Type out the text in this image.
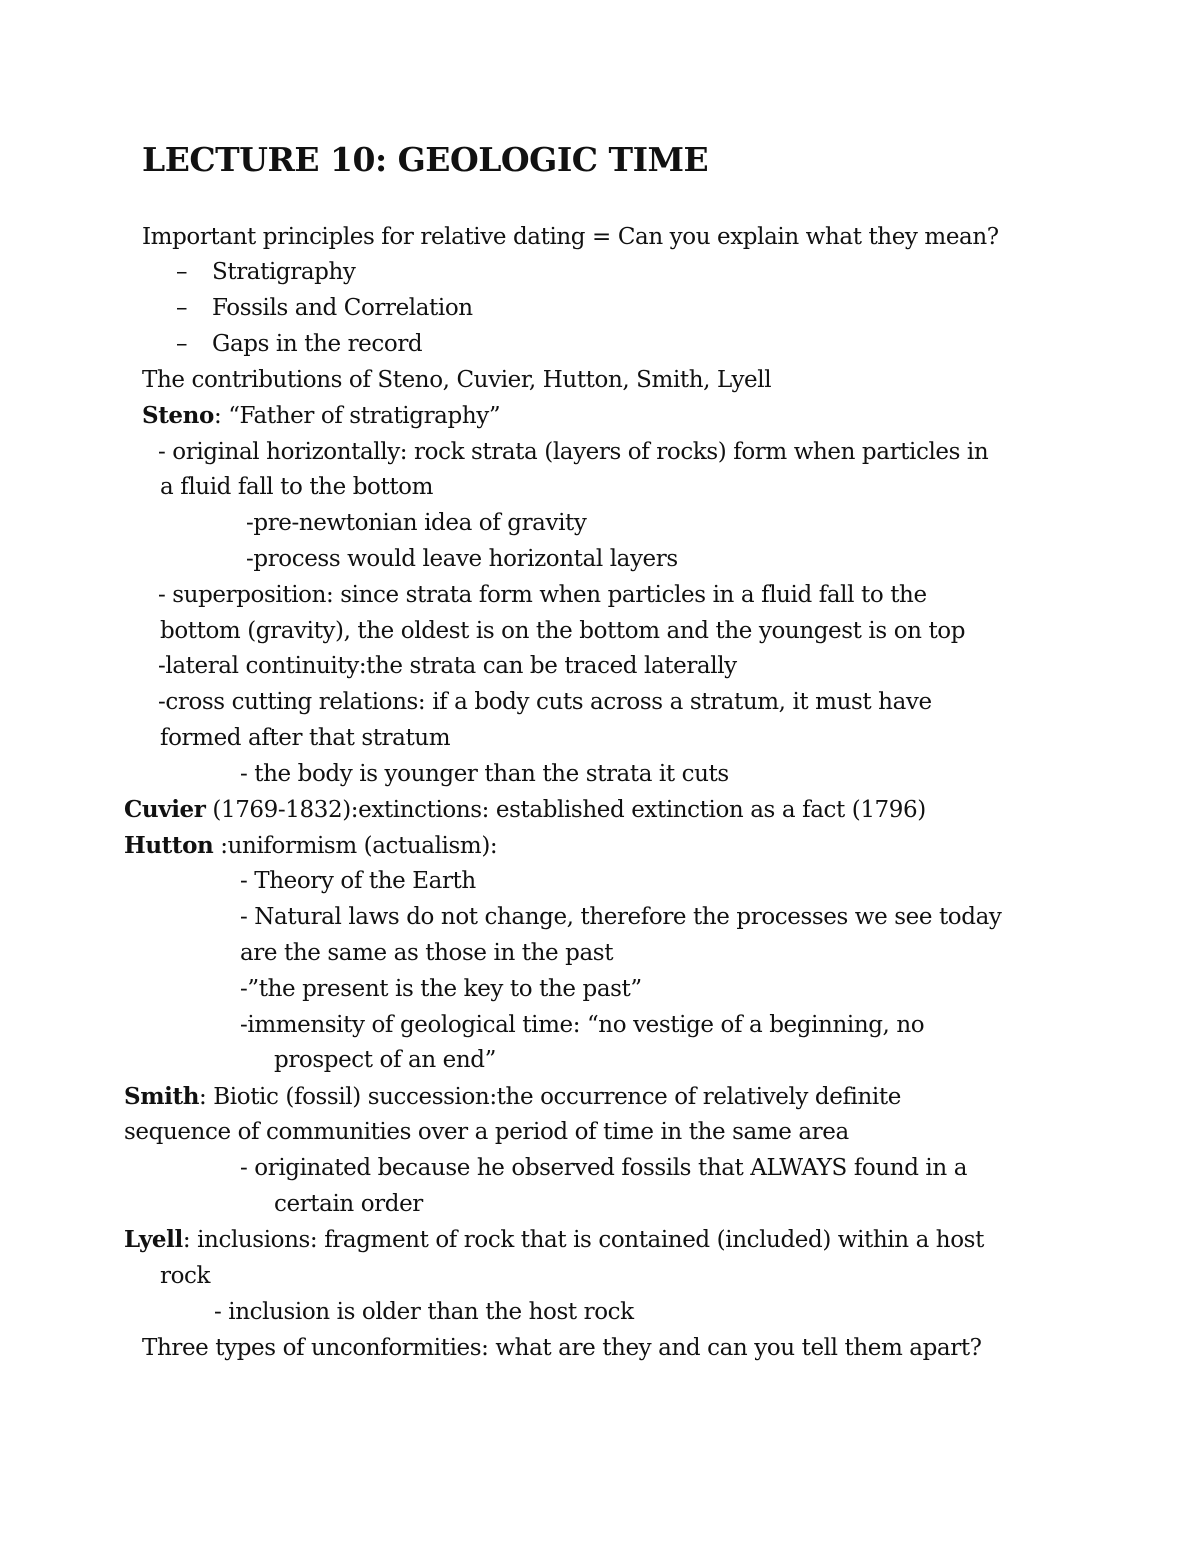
LECTURE 10: GEOLOGIC TIME
Important principles for relative dating = Can you explain what they mean?
– Stratigraphy
– Fossils and Correlation
– Gaps in the record
The contributions of Steno, Cuvier, Hutton, Smith, Lyell
Steno: “Father of stratigraphy”
- original horizontally: rock strata (layers of rocks) form when particles in
a fluid fall to the bottom
-pre-newtonian idea of gravity
-process would leave horizontal layers
- superposition: since strata form when particles in a fluid fall to the
bottom (gravity), the oldest is on the bottom and the youngest is on top
-lateral continuity:the strata can be traced laterally
-cross cutting relations: if a body cuts across a stratum, it must have
formed after that stratum
- the body is younger than the strata it cuts
Cuvier (1769-1832):extinctions: established extinction as a fact (1796)
Hutton :uniformism (actualism):
- Theory of the Earth
- Natural laws do not change, therefore the processes we see today
are the same as those in the past
-”the present is the key to the past”
-immensity of geological time: “no vestige of a beginning, no
prospect of an end”
Smith: Biotic (fossil) succession:the occurrence of relatively definite
sequence of communities over a period of time in the same area
- originated because he observed fossils that ALWAYS found in a
certain order
Lyell: inclusions: fragment of rock that is contained (included) within a host
rock
- inclusion is older than the host rock
Three types of unconformities: what are they and can you tell them apart?
